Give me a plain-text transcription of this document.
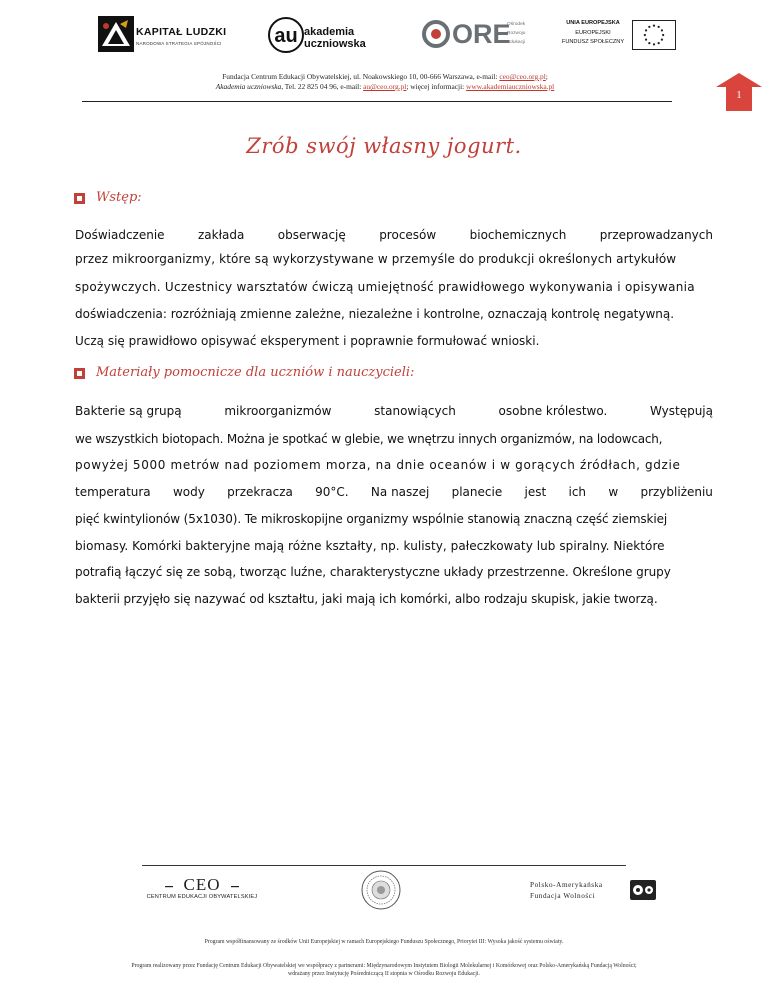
KAPITAŁ LUDZKI
NARODOWA STRATEGIA SPÓJNOŚCI	au akademia
uczniowska	ORE
Ośrodek
Rozwoju
Edukacji
UNIA EUROPEJSKA
EUROPEJSKI
FUNDUSZ SPOŁECZNY
Fundacja Centrum Edukacji Obywatelskiej, ul. Noakowskiego 10, 00-666 Warszawa, e-mail: ceo@ceo.org.pl;
Akademia uczniowska, Tel. 22 825 04 96, e-mail: au@ceo.org.pl; więcej informacji: www.akademiauczniowska.pl
1
Zrób swój własny jogurt.
Wstęp:
Doświadczenie	zakłada	obserwację	procesów	biochemicznych	przeprowadzanych
przez mikroorganizmy, które są wykorzystywane w przemyśle do produkcji określonych artykułów
spożywczych. Uczestnicy warsztatów ćwiczą umiejętność prawidłowego wykonywania i opisywania
doświadczenia: rozróżniają zmienne zależne, niezależne i kontrolne, oznaczają kontrolę negatywną.
Uczą się prawidłowo opisywać eksperyment i poprawnie formułować wnioski.
Materiały pomocnicze dla uczniów i nauczycieli:
Bakterie są grupą	mikroorganizmów	stanowiących	osobne królestwo.	Występują
we wszystkich biotopach. Można je spotkać w glebie, we wnętrzu innych organizmów, na lodowcach,
powyżej 5000 metrów nad poziomem morza, na dnie oceanów i w gorących źródłach, gdzie
temperatura wody przekracza 90°C. Na naszej planecie jest ich w przybliżeniu
pięć kwintylionów (5x1030). Te mikroskopijne organizmy wspólnie stanowią znaczną część ziemskiej
biomasy. Komórki bakteryjne mają różne kształty, np. kulisty, pałeczkowaty lub spiralny. Niektóre
potrafią łączyć się ze sobą, tworząc luźne, charakterystyczne układy przestrzenne. Określone grupy
bakterii przyjęło się nazywać od kształtu, jaki mają ich komórki, albo rodzaju skupisk, jakie tworzą.
CEO
CENTRUM EDUKACJI OBYWATELSKIEJ
Polsko-Amerykańska
Fundacja Wolności
Program współfinansowany ze środków Unii Europejskiej w ramach Europejskiego Funduszu Społecznego, Priorytet III: Wysoka jakość systemu oświaty.
Program realizowany przez Fundację Centrum Edukacji Obywatelskiej we współpracy z partnerami: Międzynarodowym Instytutem Biologii Molekularnej i Komórkowej oraz Polsko-Amerykańską Fundacją Wolności;
wdrażany przez Instytucję Pośredniczącą II stopnia w Ośrodku Rozwoju Edukacji.
